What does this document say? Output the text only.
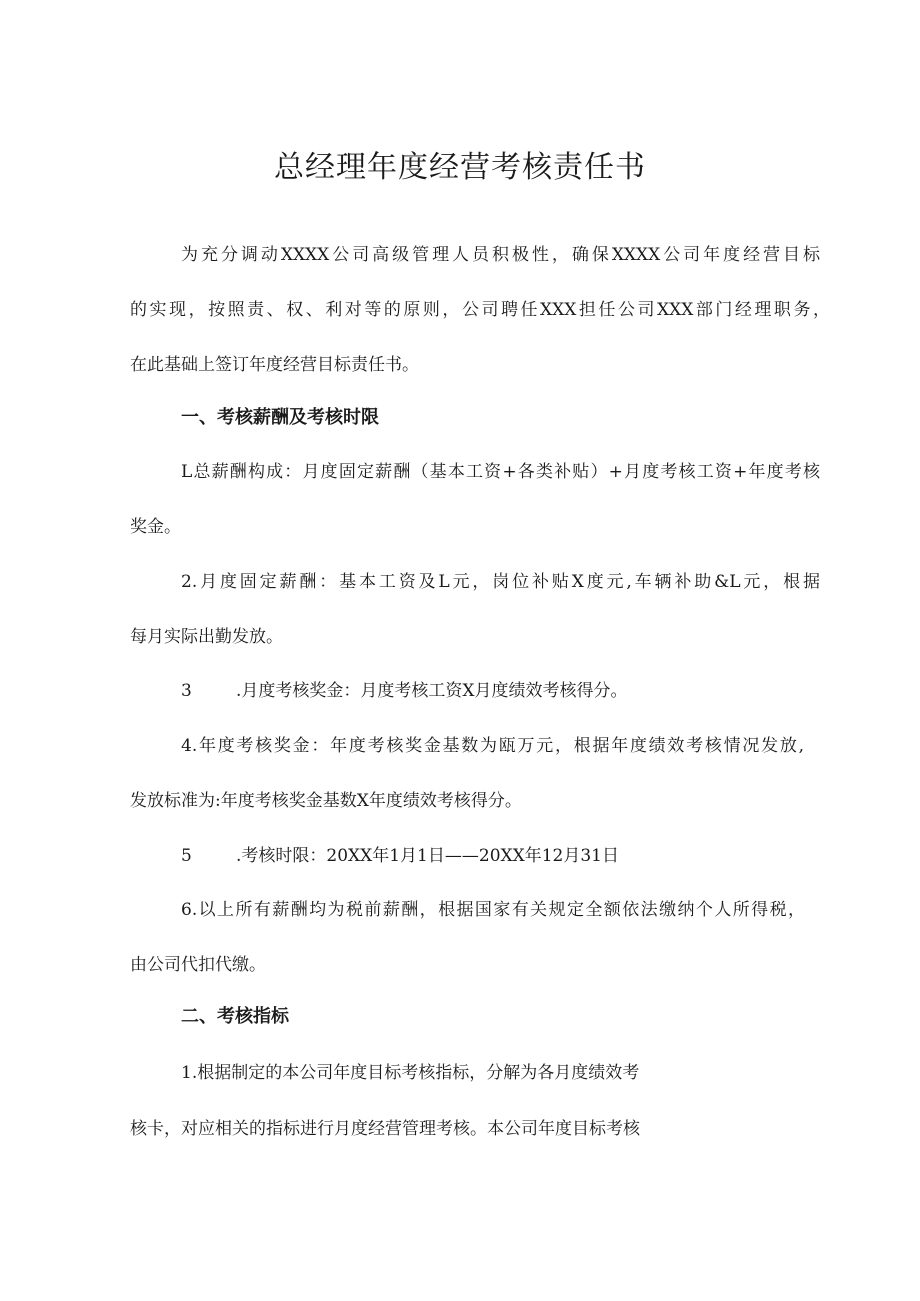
总经理年度经营考核责任书

为充分调动XXXX公司高级管理人员积极性，确保XXXX公司年度经营目标

的实现，按照责、权、利对等的原则，公司聘任XXX担任公司XXX部门经理职务，

在此基础上签订年度经营目标责任书。

一、考核薪酬及考核时限

L总薪酬构成：月度固定薪酬（基本工资+各类补贴）+月度考核工资+年度考核

奖金。

2.月度固定薪酬：基本工资及L元，岗位补贴X度元,车辆补助&L元，根据

每月实际出勤发放。

3	.月度考核奖金：月度考核工资X月度绩效考核得分。

4.年度考核奖金：年度考核奖金基数为瓯万元，根据年度绩效考核情况发放,

发放标准为:年度考核奖金基数X年度绩效考核得分。

5	.考核时限：20XX年1月1日——20XX年12月31日

6.以上所有薪酬均为税前薪酬，根据国家有关规定全额依法缴纳个人所得税，

由公司代扣代缴。

二、考核指标

1.根据制定的本公司年度目标考核指标，分解为各月度绩效考

核卡，对应相关的指标进行月度经营管理考核。本公司年度目标考核
